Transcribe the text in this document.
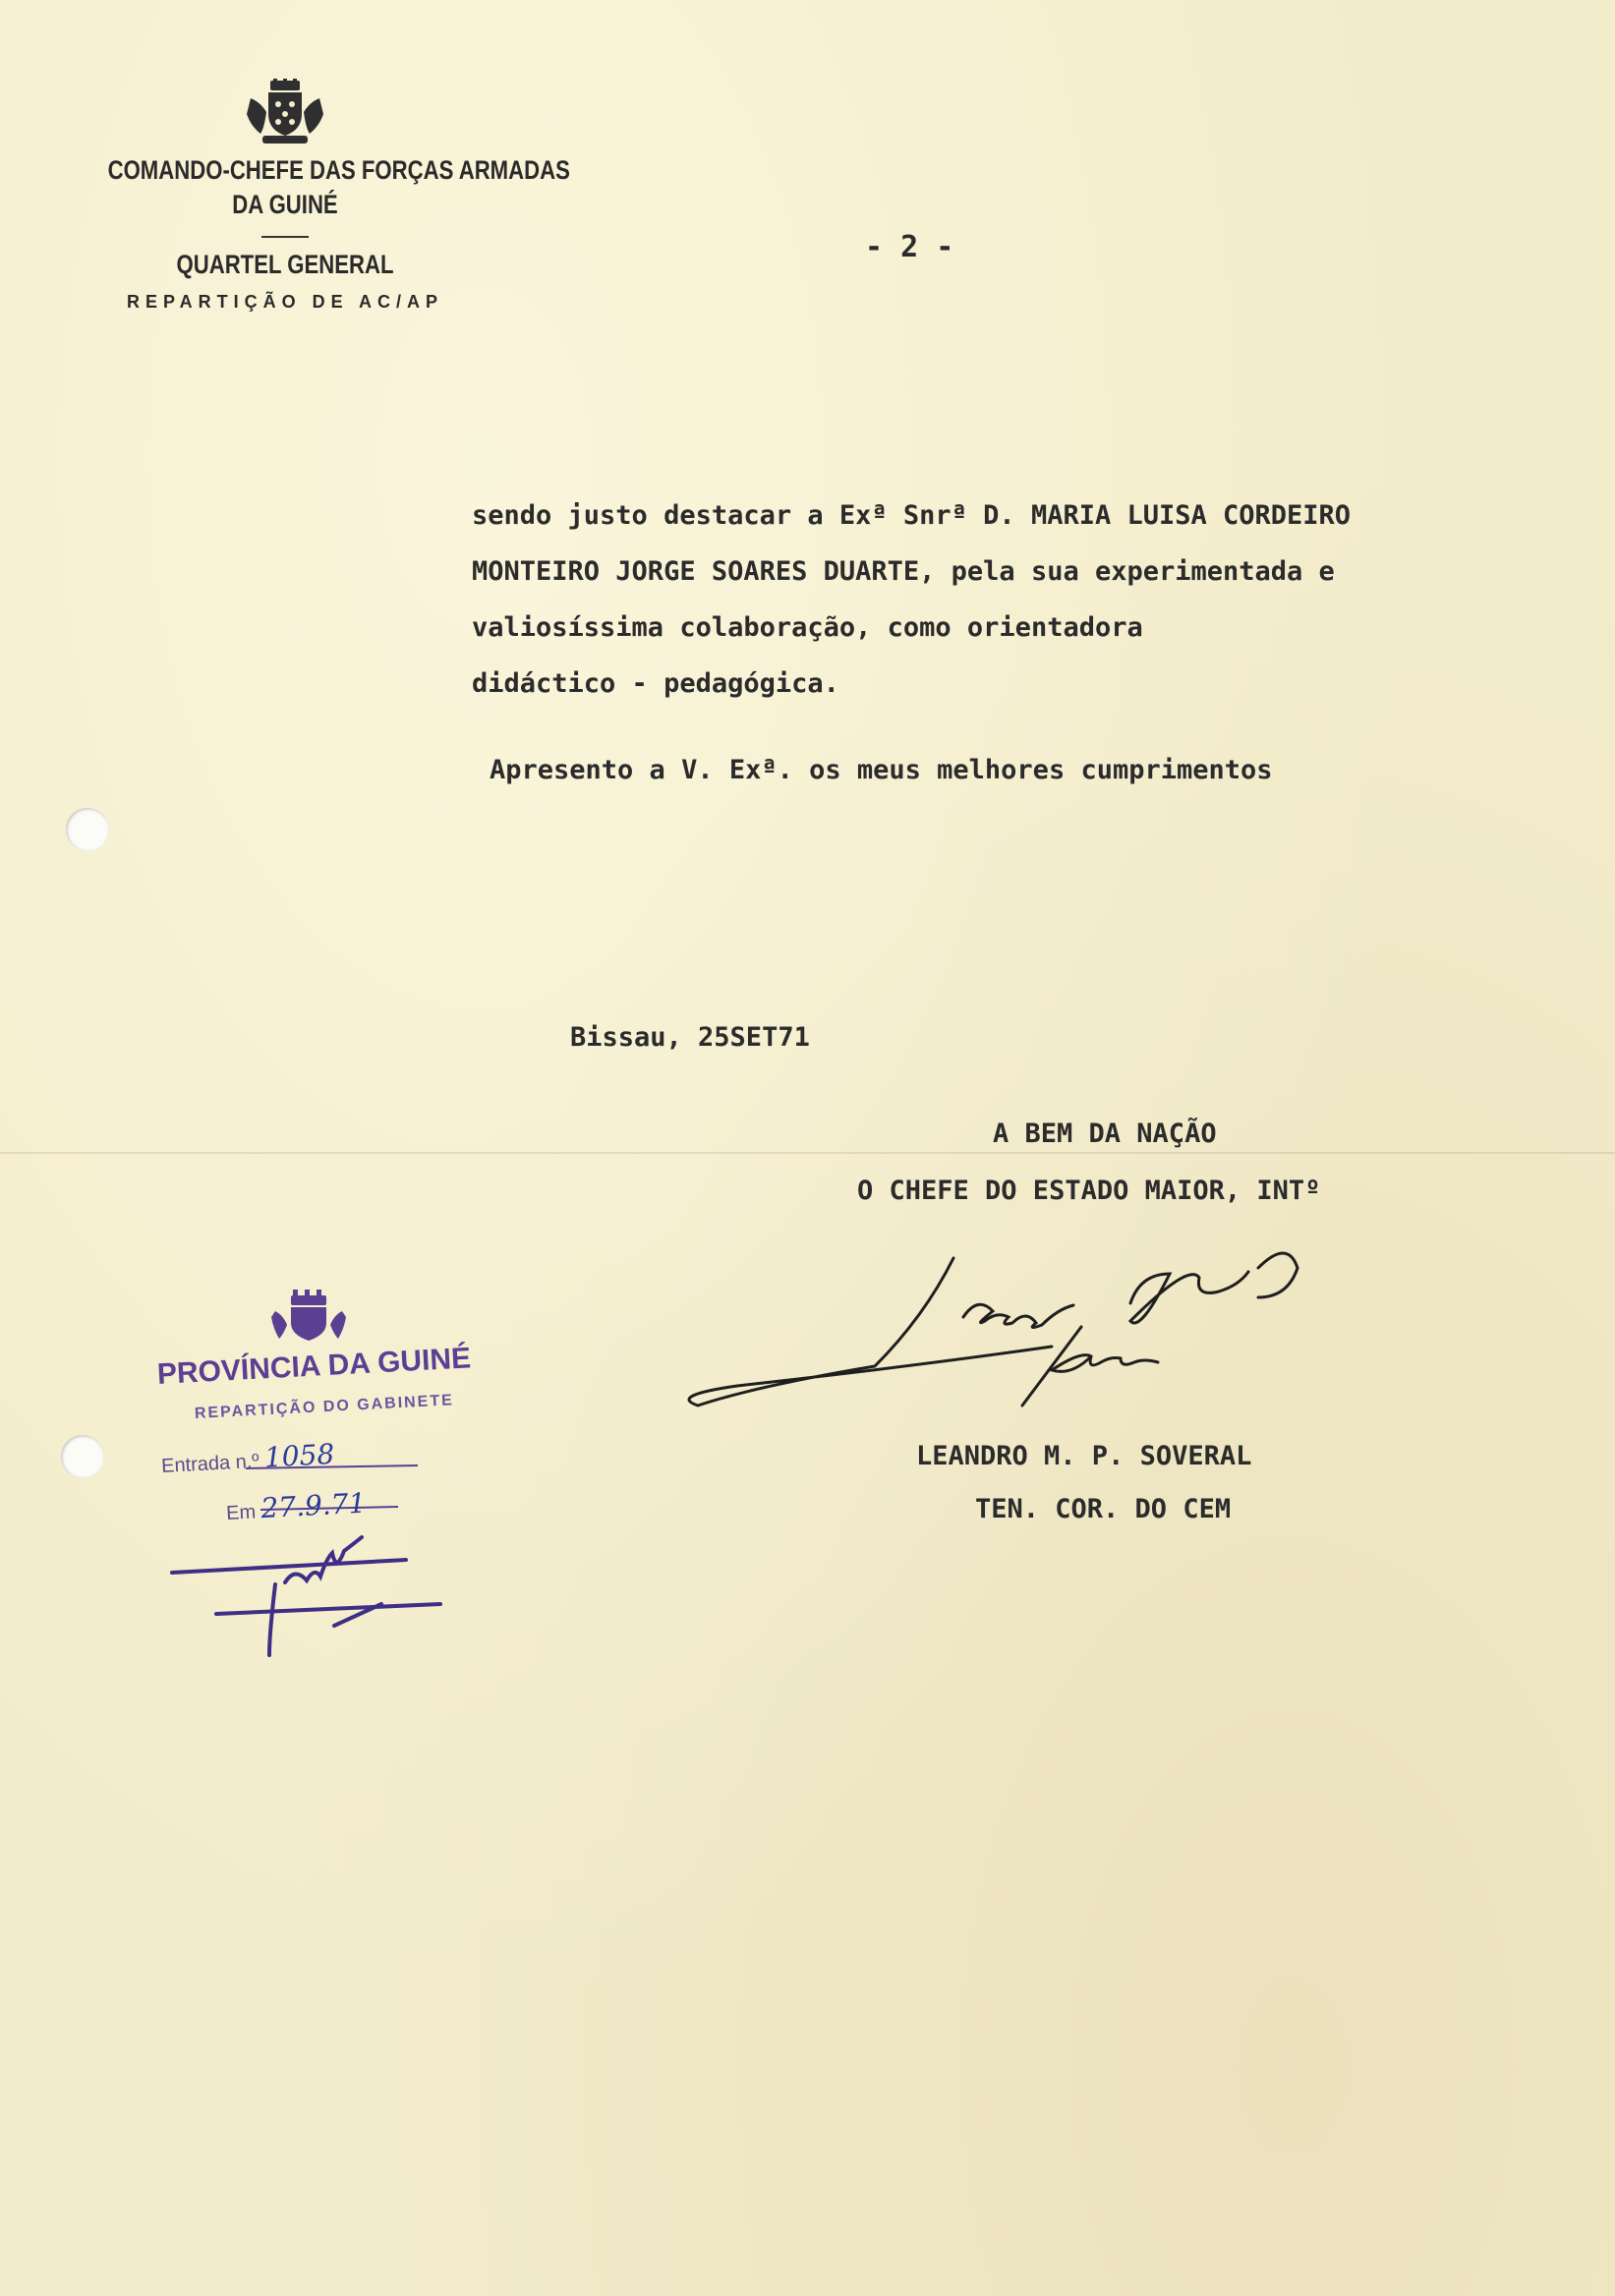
COMANDO-CHEFE DAS FORÇAS ARMADAS
DA GUINÉ
QUARTEL GENERAL
REPARTIÇÃO DE AC/AP
- 2 -
sendo justo destacar a Exª Snrª D. MARIA LUISA CORDEIRO
MONTEIRO JORGE SOARES DUARTE, pela sua experimentada e
valiosíssima colaboração, como orientadora
didáctico - pedagógica.
Apresento a V. Exª. os meus melhores cumprimentos
Bissau, 25SET71
A BEM DA NAÇÃO
O CHEFE DO ESTADO MAIOR, INTº
LEANDRO M. P. SOVERAL
TEN. COR. DO CEM
PROVÍNCIA DA GUINÉ
REPARTIÇÃO DO GABINETE
Entrada n.º 1058
Em 27.9.71
